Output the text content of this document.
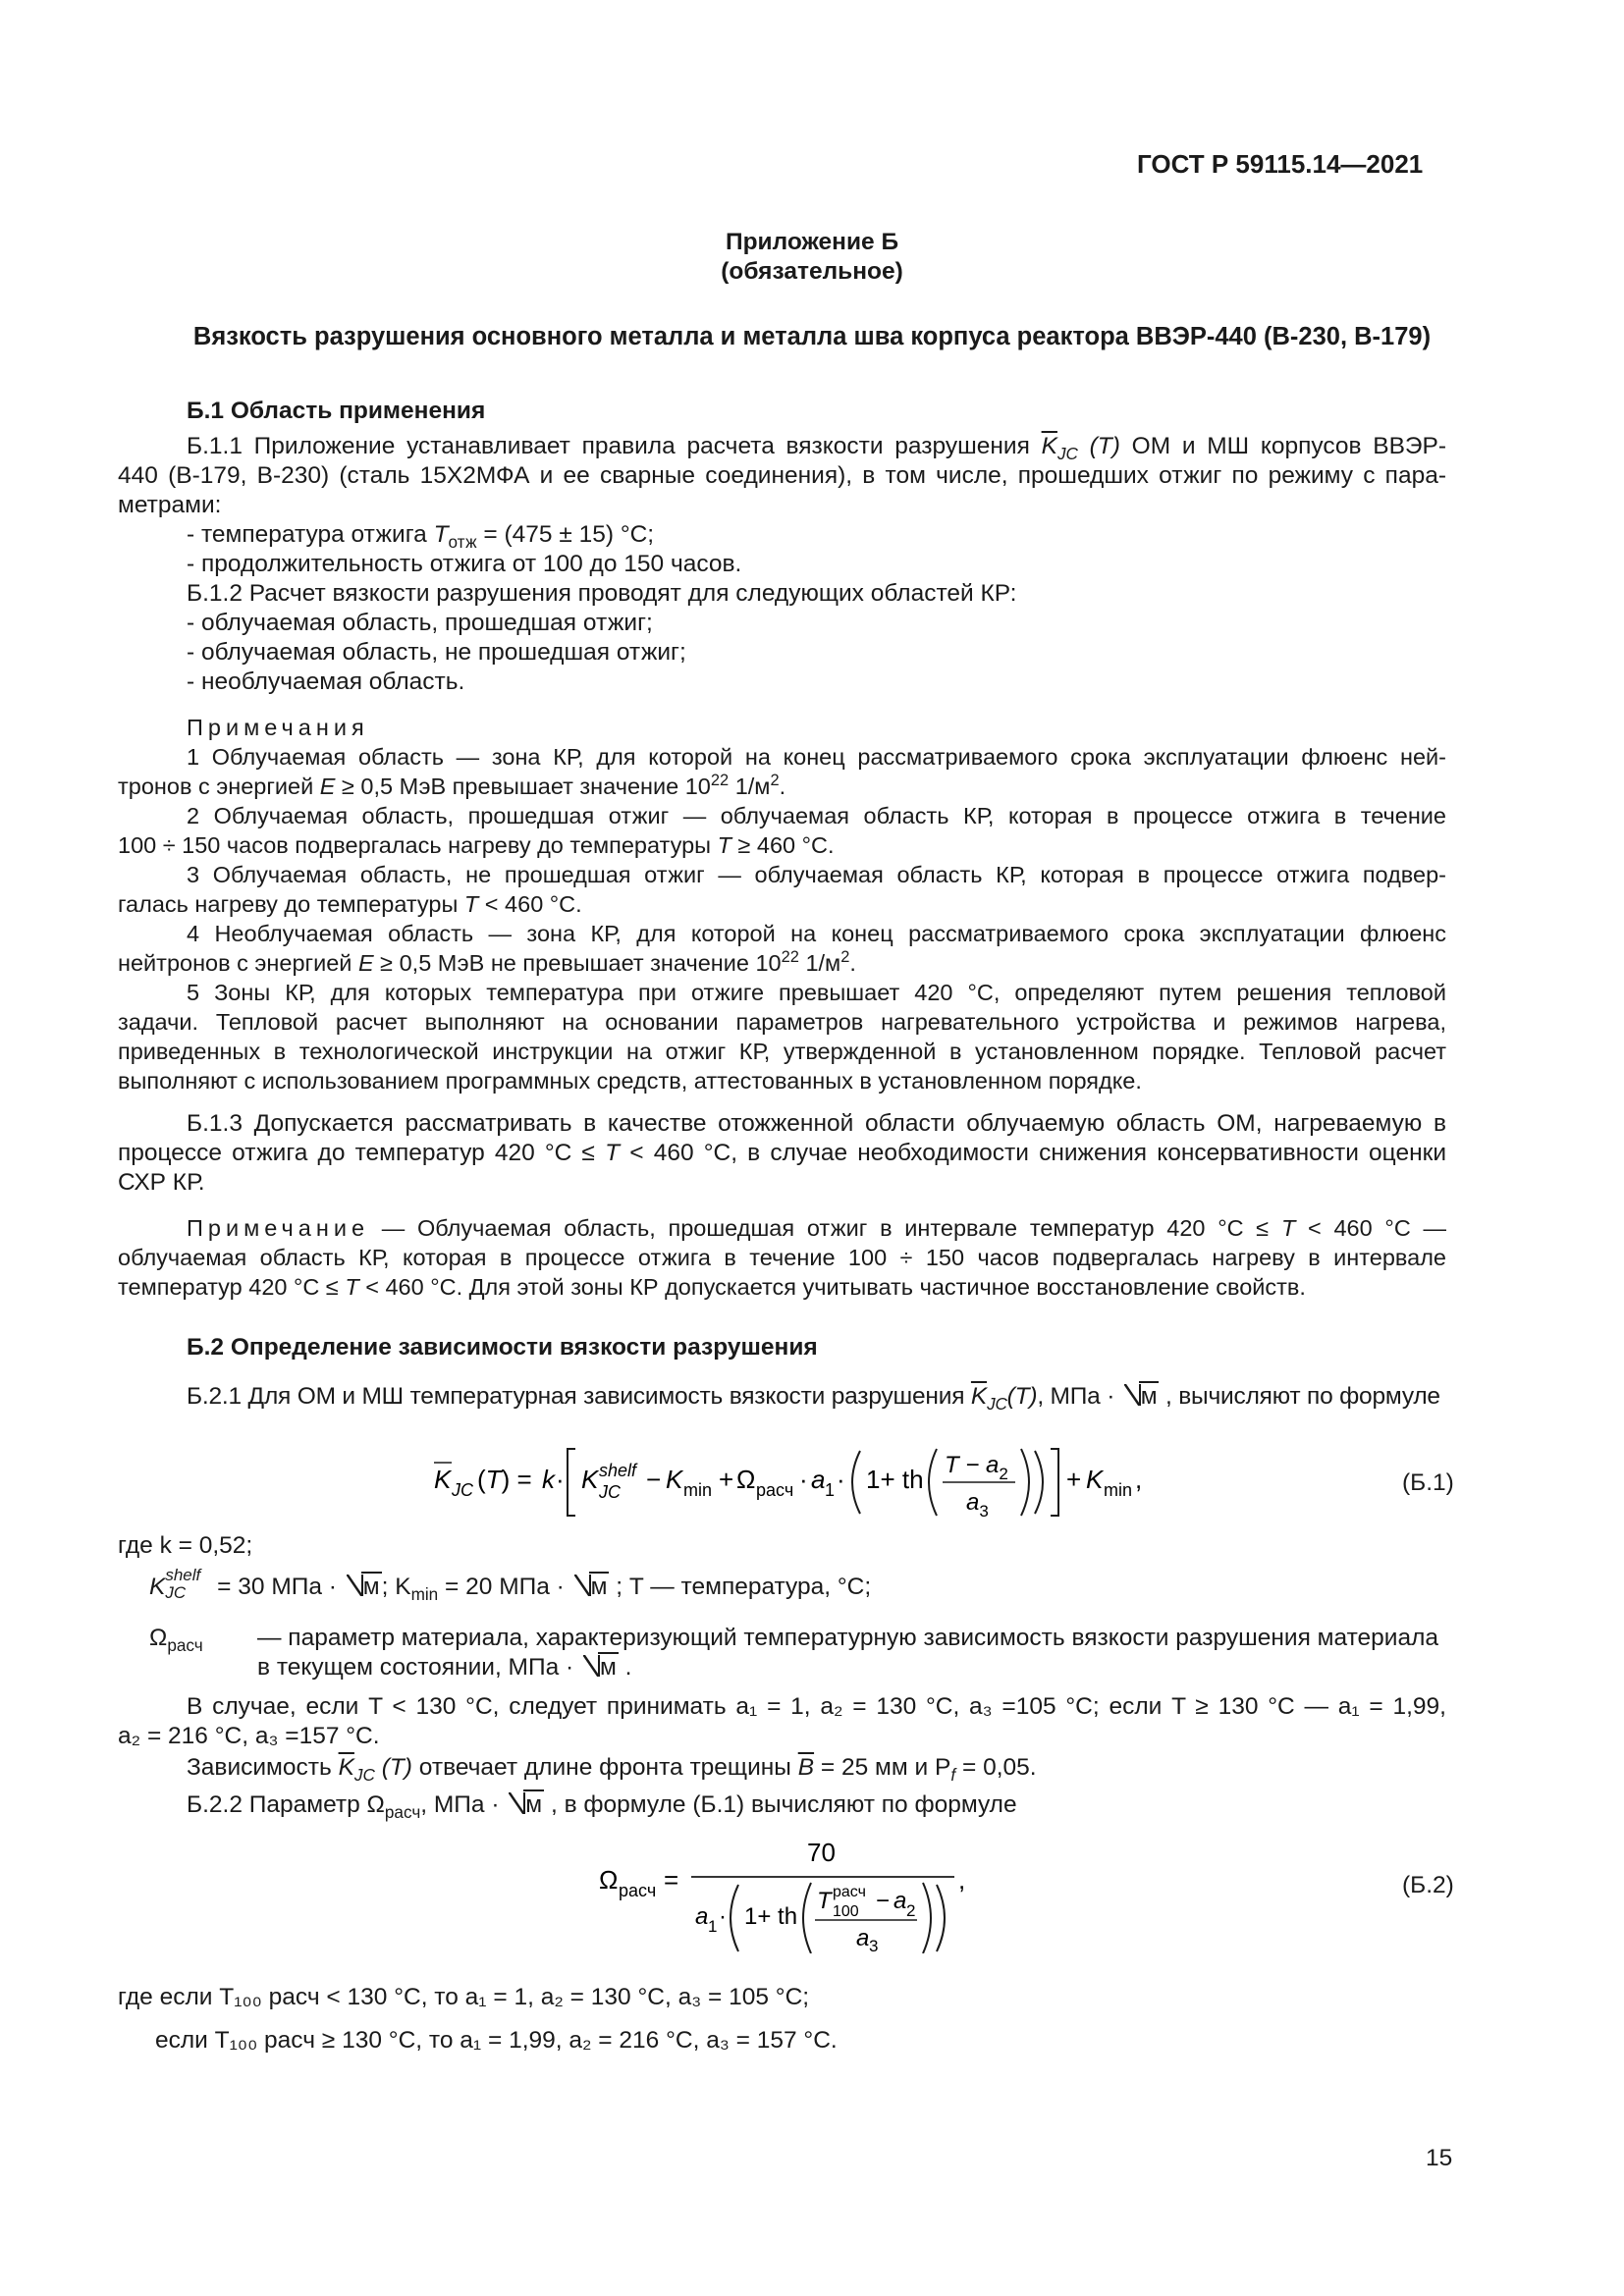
ГОСТ Р 59115.14—2021
Приложение Б
(обязательное)
Вязкость разрушения основного металла и металла шва корпуса реактора ВВЭР-440 (В-230, В-179)
Б.1 Область применения
Б.1.1 Приложение устанавливает правила расчета вязкости разрушения $\overline{K}_{JC}$ (T) ОМ и МШ корпусов ВВЭР-
440 (В-179, В-230) (сталь 15Х2МФА и ее сварные соединения), в том числе, прошедших отжиг по режиму с пара-
метрами:
- температура отжига $T_{отж} = (475 \pm 15)$ °С;
- продолжительность отжига от 100 до 150 часов.
Б.1.2 Расчет вязкости разрушения проводят для следующих областей КР:
- облучаемая область, прошедшая отжиг;
- облучаемая область, не прошедшая отжиг;
- необлучаемая область.
Примечания
1 Облучаемая область — зона КР, для которой на конец рассматриваемого срока эксплуатации флюенс ней-
тронов с энергией E ≥ 0,5 МэВ превышает значение $10^{22}$ $1/м^2$.
2 Облучаемая область, прошедшая отжиг — облучаемая область КР, которая в процессе отжига в течение
100 ÷ 150 часов подвергалась нагреву до температуры T ≥ 460 °С.
3 Облучаемая область, не прошедшая отжиг — облучаемая область КР, которая в процессе отжига подвер-
галась нагреву до температуры T < 460 °С.
4 Необлучаемая область — зона КР, для которой на конец рассматриваемого срока эксплуатации флюенс
нейтронов с энергией E ≥ 0,5 МэВ не превышает значение $10^{22}$ $1/м^2$.
5 Зоны КР, для которых температура при отжиге превышает 420 °С, определяют путем решения тепловой
задачи. Тепловой расчет выполняют на основании параметров нагревательного устройства и режимов нагрева,
приведенных в технологической инструкции на отжиг КР, утвержденной в установленном порядке. Тепловой расчет
выполняют с использованием программных средств, аттестованных в установленном порядке.
Б.1.3 Допускается рассматривать в качестве отожженной области облучаемую область ОМ, нагреваемую в
процессе отжига до температур 420 °С ≤ T < 460 °С, в случае необходимости снижения консервативности оценки
СХР КР.
Примечание — Облучаемая область, прошедшая отжиг в интервале температур 420 °С ≤ T < 460 °С —
облучаемая область КР, которая в процессе отжига в течение 100 ÷ 150 часов подвергалась нагреву в интервале
температур 420 °С ≤ T < 460 °С. Для этой зоны КР допускается учитывать частичное восстановление свойств.
Б.2 Определение зависимости вязкости разрушения
Б.2.1 Для ОМ и МШ температурная зависимость вязкости разрушения $\overline{K}_{JC}(T)$, МПа · м , вычисляют по формуле
K JC (T) = k · K shelf
JC − K min + Ω расч · a 1 · 1+ th $T - a_2$
$a_3$
+ K min ,	(Б.1)
где k = 0,52;
K shelf
JC = 30 МПа · м; $K_{min} = 20$ МПа · м ; T — температура, °С;
$\Omega_{расч}$ — параметр материала, характеризующий температурную зависимость вязкости разрушения материала
в текущем состоянии, МПа · м .
В случае, если T < 130 °С, следует принимать a₁ = 1, a₂ = 130 °С, a₃ =105 °С; если T ≥ 130 °С — a₁ = 1,99,
a₂ = 216 °С, a₃ =157 °С.
Зависимость $\overline{K}_{JC}$ (T) отвечает длине фронта трещины $\overline{B} = 25$ мм и $P_f = 0,05$.
Б.2.2 Параметр $\Omega_{расч}$, МПа · м , в формуле (Б.1) вычисляют по формуле
Ω расч =
70
,
a 1 · 1+ th
T расч
100 − a 2
a 3
(Б.2)
где если T₁₀₀ расч < 130 °С, то a₁ = 1, a₂ = 130 °С, a₃ = 105 °С;
если T₁₀₀ расч ≥ 130 °С, то a₁ = 1,99, a₂ = 216 °С, a₃ = 157 °С.
15
